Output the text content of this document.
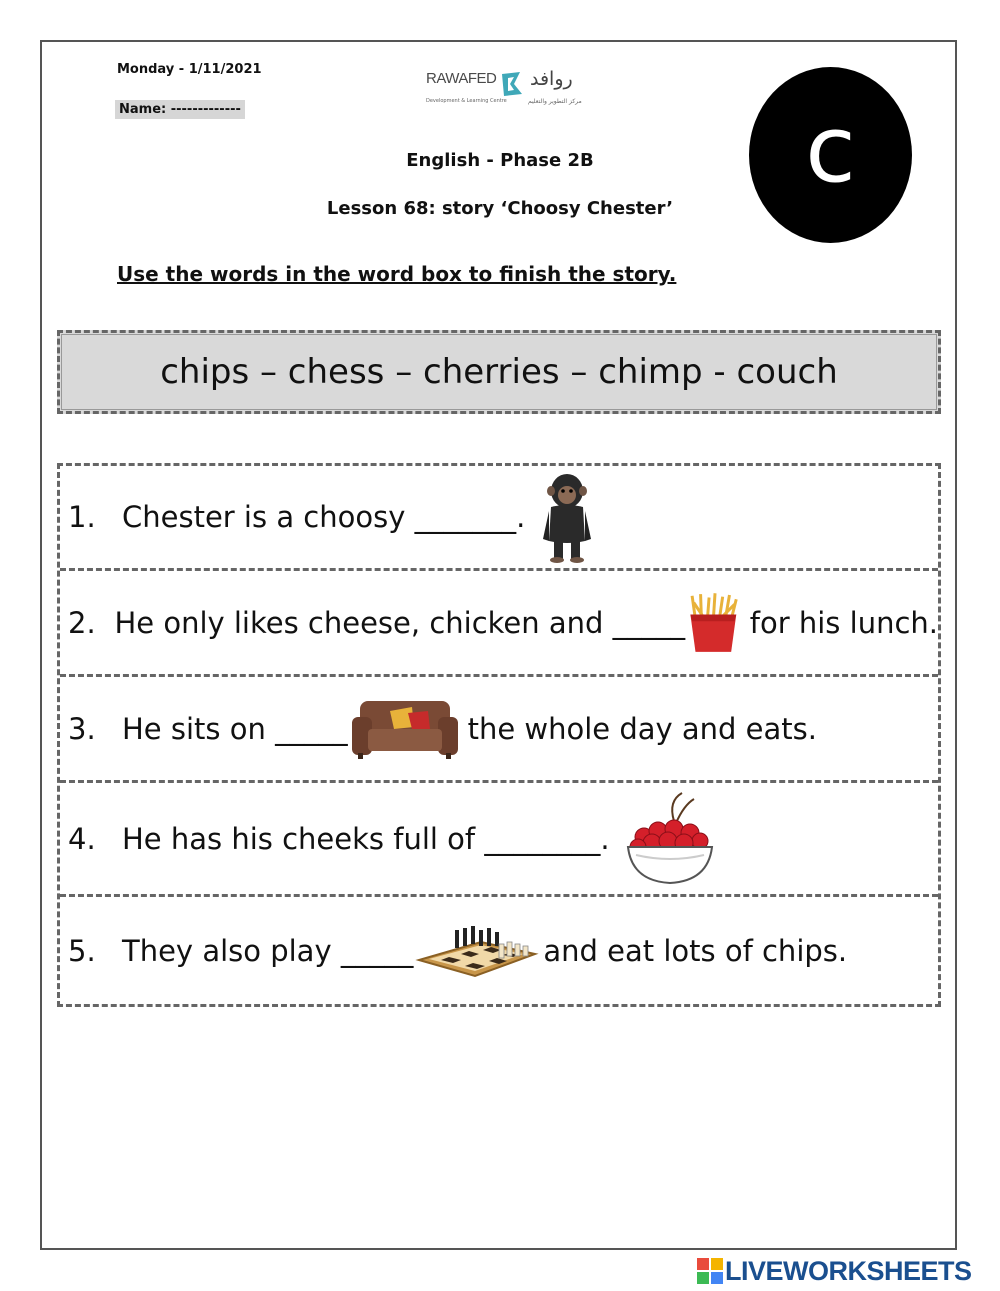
Monday - 1/11/2021
Name: -------------
RAWAFED
Development & Learning Centre
روافد
مركز التطوير والتعليم c
English - Phase 2B
Lesson 68: story ‘Choosy Chester’
Use the words in the word box to finish the story.
chips – chess – cherries – chimp - couch
1. Chester is a choosy _______.
2. He only likes cheese, chicken and _____ for his lunch.
3. He sits on _____	the whole day and eats.
4. He has his cheeks full of ________.
5. They also play _____	and eat lots of chips.
LIVEWORKSHEETS
